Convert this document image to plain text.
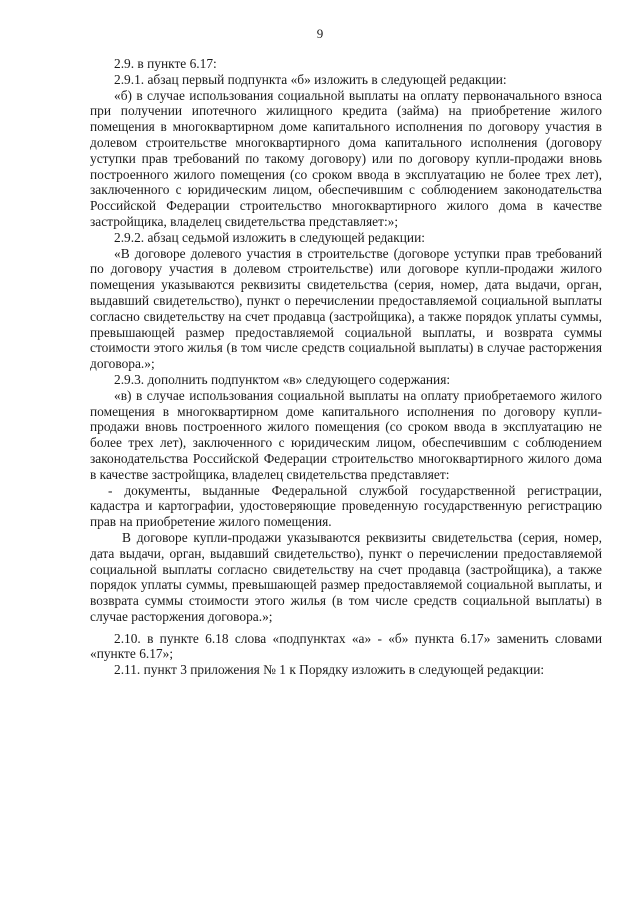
9

2.9. в пункте 6.17:

2.9.1. абзац первый подпункта «б» изложить в следующей редакции:

«б) в случае использования социальной выплаты на оплату первоначального взноса при получении ипотечного жилищного кредита (займа) на приобретение жилого помещения в многоквартирном доме капитального исполнения по договору участия в долевом строительстве многоквартирного дома капитального исполнения (договору уступки прав требований по такому договору) или по договору купли-продажи вновь построенного жилого помещения (со сроком ввода в эксплуатацию не более трех лет), заключенного с юридическим лицом, обеспечившим с соблюдением законодательства Российской Федерации строительство многоквартирного жилого дома в качестве застройщика, владелец свидетельства представляет:»;

2.9.2. абзац седьмой изложить в следующей редакции:

«В договоре долевого участия в строительстве (договоре уступки прав требований по договору участия в долевом строительстве) или договоре купли-продажи жилого помещения указываются реквизиты свидетельства (серия, номер, дата выдачи, орган, выдавший свидетельство), пункт о перечислении предоставляемой социальной выплаты согласно свидетельству на счет продавца (застройщика), а также порядок уплаты суммы, превышающей размер предоставляемой социальной выплаты, и возврата суммы стоимости этого жилья (в том числе средств социальной выплаты) в случае расторжения договора.»;

2.9.3. дополнить подпунктом «в» следующего содержания:

«в) в случае использования социальной выплаты на оплату приобретаемого жилого помещения в многоквартирном доме капитального исполнения по договору купли-продажи вновь построенного жилого помещения (со сроком ввода в эксплуатацию не более трех лет), заключенного с юридическим лицом, обеспечившим с соблюдением законодательства Российской Федерации строительство многоквартирного жилого дома в качестве застройщика, владелец свидетельства представляет:

- документы, выданные Федеральной службой государственной регистрации, кадастра и картографии, удостоверяющие проведенную государственную регистрацию прав на приобретение жилого помещения.

В договоре купли-продажи указываются реквизиты свидетельства (серия, номер, дата выдачи, орган, выдавший свидетельство), пункт о перечислении предоставляемой социальной выплаты согласно свидетельству на счет продавца (застройщика), а также порядок уплаты суммы, превышающей размер предоставляемой социальной выплаты, и возврата суммы стоимости этого жилья (в том числе средств социальной выплаты) в случае расторжения договора.»;

2.10. в пункте 6.18 слова «подпунктах «а» - «б» пункта 6.17» заменить словами «пункте 6.17»;

2.11. пункт 3 приложения № 1 к Порядку изложить в следующей редакции:
